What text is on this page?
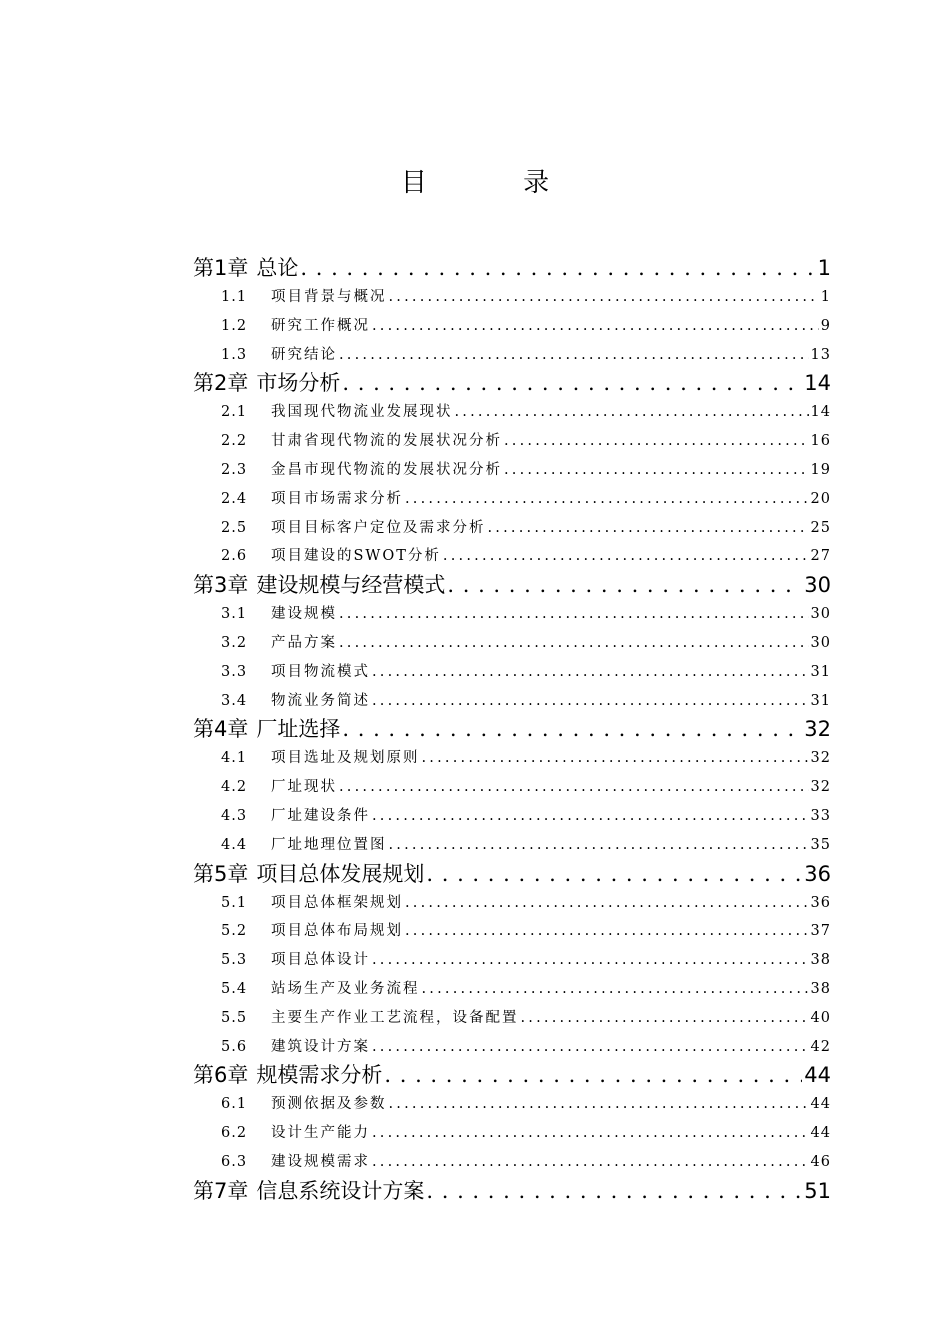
目 录
第1章 总论 . . .	1
1.1	项目背景与概况 .....	1
1.2	研究工作概况 .....	9
1.3	研究结论 .....	13
第2章 市场分析 . . .	14
2.1	我国现代物流业发展现状 .....	14
2.2	甘肃省现代物流的发展状况分析 .....	16
2.3	金昌市现代物流的发展状况分析 .....	19
2.4	项目市场需求分析 .....	20
2.5	项目目标客户定位及需求分析 .....	25
2.6	项目建设的SWOT分析 .....	27
第3章 建设规模与经营模式 . . .	30
3.1	建设规模 .....	30
3.2	产品方案 .....	30
3.3	项目物流模式 .....	31
3.4	物流业务简述 .....	31
第4章 厂址选择 . . .	32
4.1	项目选址及规划原则 .....	32
4.2	厂址现状 .....	32
4.3	厂址建设条件 .....	33
4.4	厂址地理位置图 .....	35
第5章 项目总体发展规划 . . .	36
5.1	项目总体框架规划 .....	36
5.2	项目总体布局规划 .....	37
5.3	项目总体设计 .....	38
5.4	站场生产及业务流程 .....	38
5.5	主要生产作业工艺流程，设备配置 .....	40
5.6	建筑设计方案 .....	42
第6章 规模需求分析 . . .	44
6.1	预测依据及参数 .....	44
6.2	设计生产能力 .....	44
6.3	建设规模需求 .....	46
第7章 信息系统设计方案 . . .	51
